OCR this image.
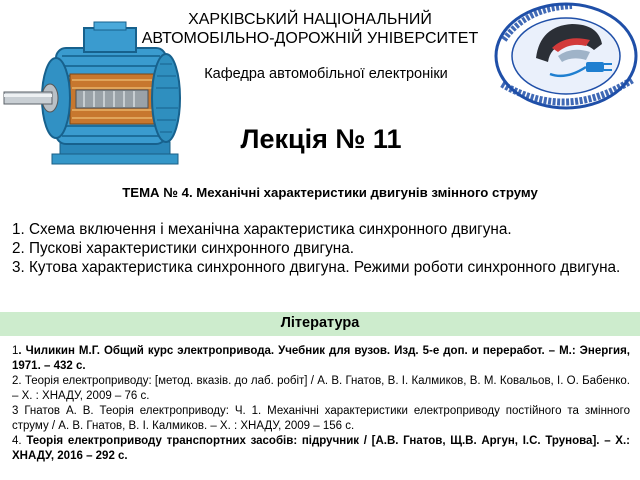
ХАРКІВСЬКИЙ НАЦІОНАЛЬНИЙ
АВТОМОБІЛЬНО-ДОРОЖНІЙ УНІВЕРСИТЕТ
Кафедра автомобільної електроніки
Лекція № 11
ТЕМА № 4. Механічні характеристики двигунів змінного струму
1. Схема включення і механічна характеристика синхронного двигуна.
2. Пускові характеристики синхронного двигуна.
3. Кутова характеристика синхронного двигуна. Режими роботи синхронного двигуна.
Література
1. Чиликин М.Г. Общий курс электропривода. Учебник для вузов. Изд. 5-е доп. и переработ. – М.: Энергия, 1971. – 432 с.
2. Теорія електроприводу: [метод. вказів. до лаб. робіт] / А. В. Гнатов, В. І. Калмиков, В. М. Ковальов, І. О. Бабенко. – Х. : ХНАДУ, 2009 – 76 с.
3 Гнатов А. В. Теорія електроприводу: Ч. 1. Механічні характеристики електроприводу постійного та змінного струму / А. В. Гнатов, В. І. Калмиков. – Х. : ХНАДУ, 2009 – 156 с.
4. Теорія електроприводу транспортних засобів: підручник / [А.В. Гнатов, Щ.В. Аргун, І.С. Трунова]. – Х.: ХНАДУ, 2016 – 292 с.
